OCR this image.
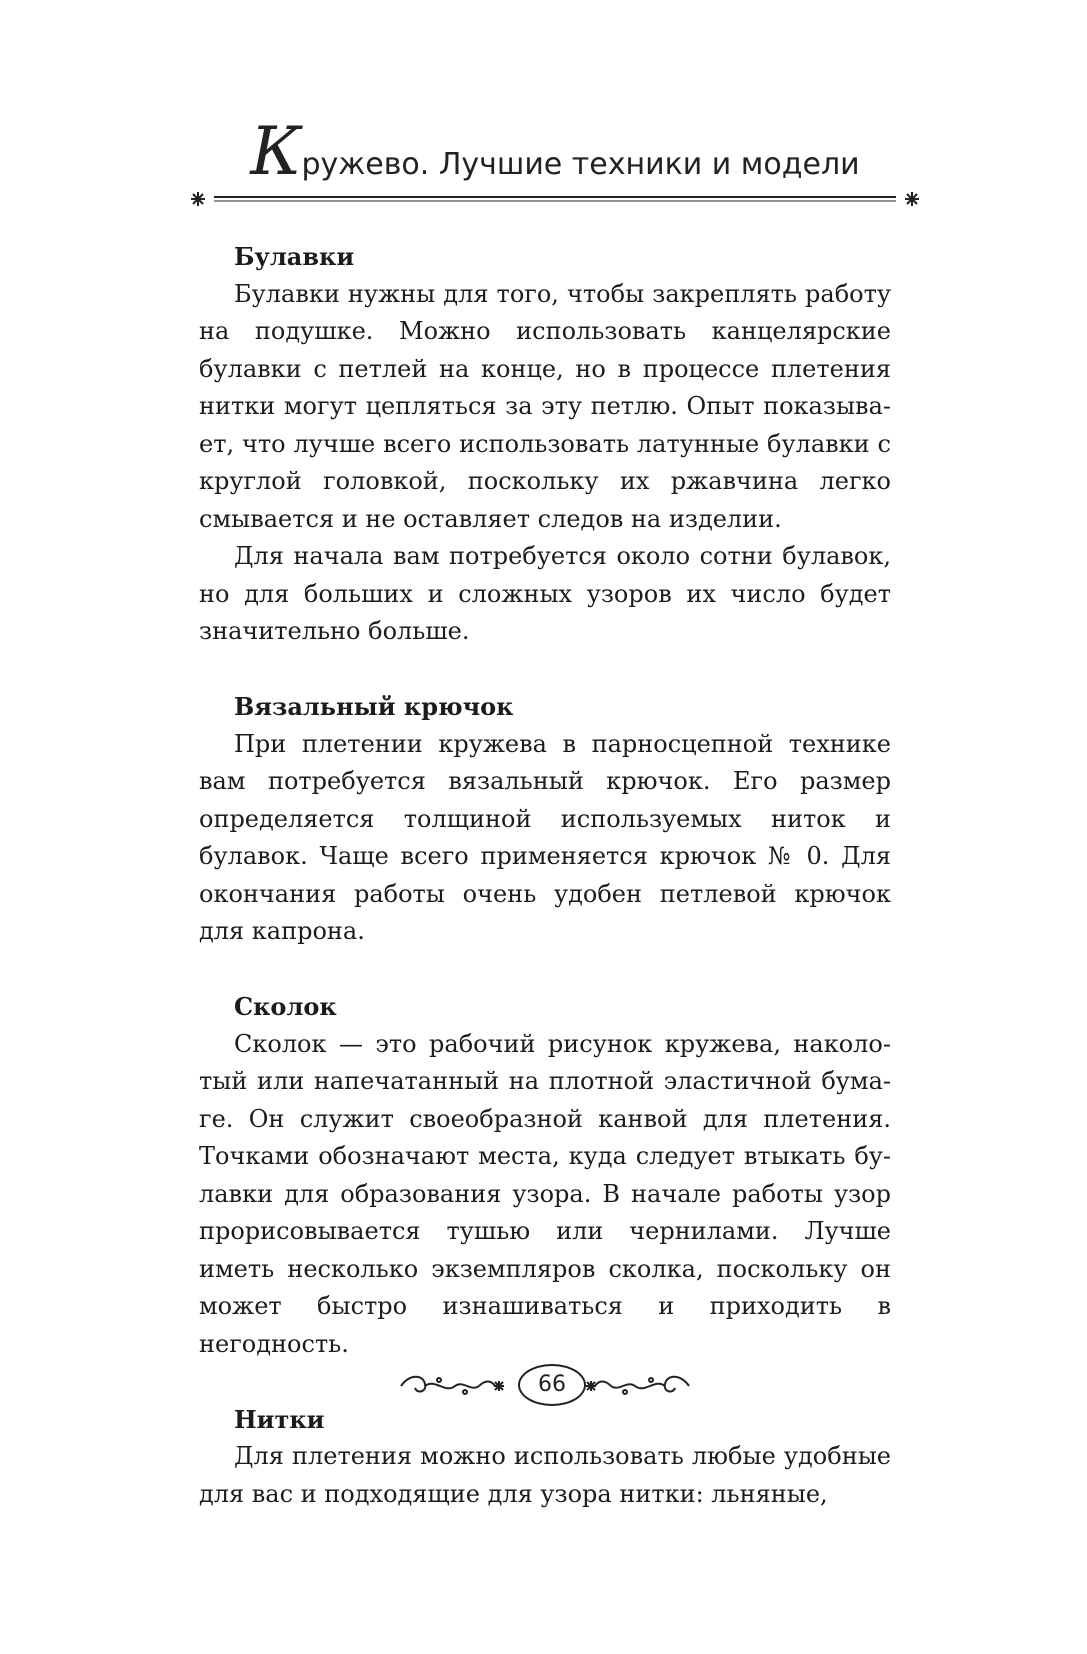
Кружево. Лучшие техники и модели

Булавки

Булавки нужны для того, чтобы закреплять работу на подушке. Можно использовать канцелярские булавки с петлей на конце, но в процессе плетения нитки могут цепляться за эту петлю. Опыт показывает, что лучше всего использовать латунные булавки с круглой головкой, поскольку их ржавчина легко смывается и не оставляет следов на изделии.

Для начала вам потребуется около сотни булавок, но для больших и сложных узоров их число будет значительно больше.

Вязальный крючок

При плетении кружева в парносцепной технике вам потребуется вязальный крючок. Его размер определяется толщиной используемых ниток и булавок. Чаще всего применяется крючок № 0. Для окончания работы очень удобен петлевой крючок для капрона.

Сколок

Сколок — это рабочий рисунок кружева, наколотый или напечатанный на плотной эластичной бумаге. Он служит своеобразной канвой для плетения. Точками обозначают места, куда следует втыкать булавки для образования узора. В начале работы узор прорисовывается тушью или чернилами. Лучше иметь несколько экземпляров сколка, поскольку он может быстро изнашиваться и приходить в негодность.

Нитки

Для плетения можно использовать любые удобные для вас и подходящие для узора нитки: льняные,

66
